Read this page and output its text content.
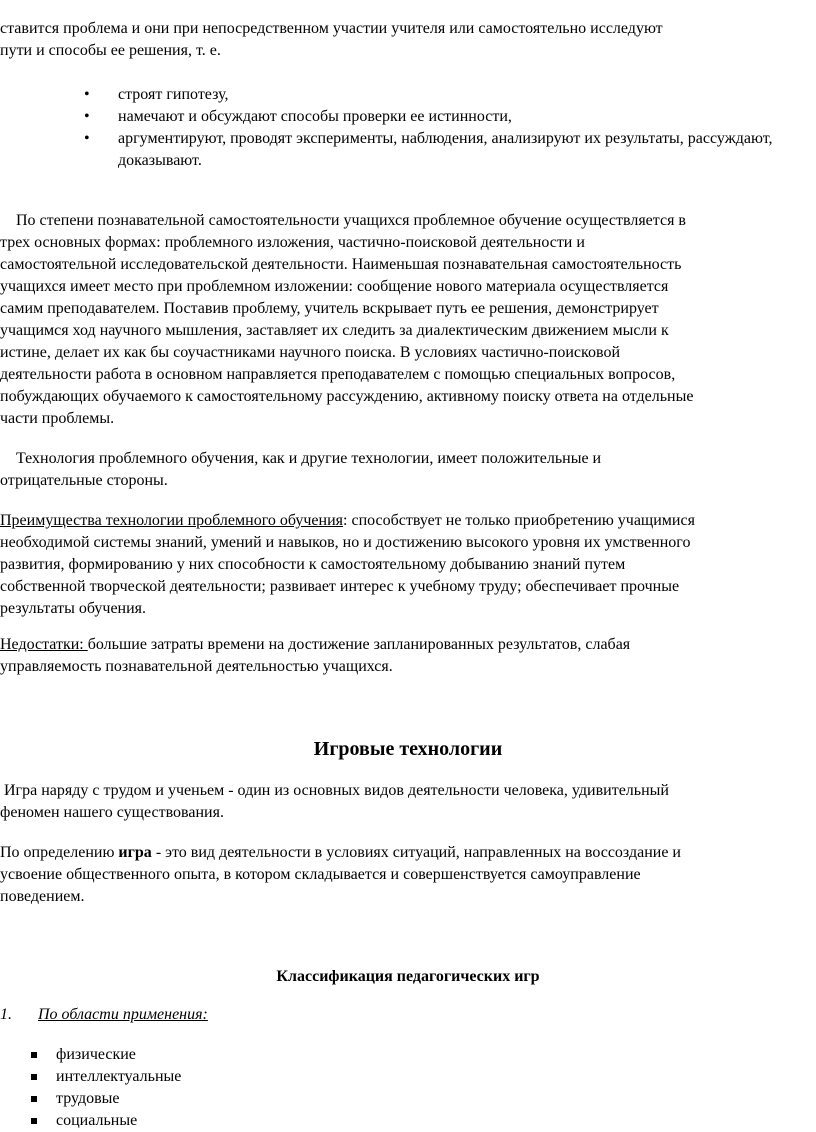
ставится проблема и они при непосредственном участии учителя или самостоятельно исследуют
пути и способы ее решения, т. е.

• строят гипотезу,
• намечают и обсуждают способы проверки ее истинности,
• аргументируют, проводят эксперименты, наблюдения, анализируют их результаты, рассуждают, доказывают.

По степени познавательной самостоятельности учащихся проблемное обучение осуществляется в
трех основных формах: проблемного изложения, частично-поисковой деятельности и
самостоятельной исследовательской деятельности. Наименьшая познавательная самостоятельность
учащихся имеет место при проблемном изложении: сообщение нового материала осуществляется
самим преподавателем. Поставив проблему, учитель вскрывает путь ее решения, демонстрирует
учащимся ход научного мышления, заставляет их следить за диалектическим движением мысли к
истине, делает их как бы соучастниками научного поиска. В условиях частично-поисковой
деятельности работа в основном направляется преподавателем с помощью специальных вопросов,
побуждающих обучаемого к самостоятельному рассуждению, активному поиску ответа на отдельные
части проблемы.

Технология проблемного обучения, как и другие технологии, имеет положительные и
отрицательные стороны.

Преимущества технологии проблемного обучения: способствует не только приобретению учащимися
необходимой системы знаний, умений и навыков, но и достижению высокого уровня их умственного
развития, формированию у них способности к самостоятельному добыванию знаний путем
собственной творческой деятельности; развивает интерес к учебному труду; обеспечивает прочные
результаты обучения.

Недостатки: большие затраты времени на достижение запланированных результатов, слабая
управляемость познавательной деятельностью учащихся.

Игровые технологии

Игра наряду с трудом и ученьем - один из основных видов деятельности человека, удивительный
феномен нашего существования.

По определению игра - это вид деятельности в условиях ситуаций, направленных на воссоздание и
усвоение общественного опыта, в котором складывается и совершенствуется самоуправление
поведением.

Классификация педагогических игр
1. По области применения:
физические
интеллектуальные
трудовые
социальные
